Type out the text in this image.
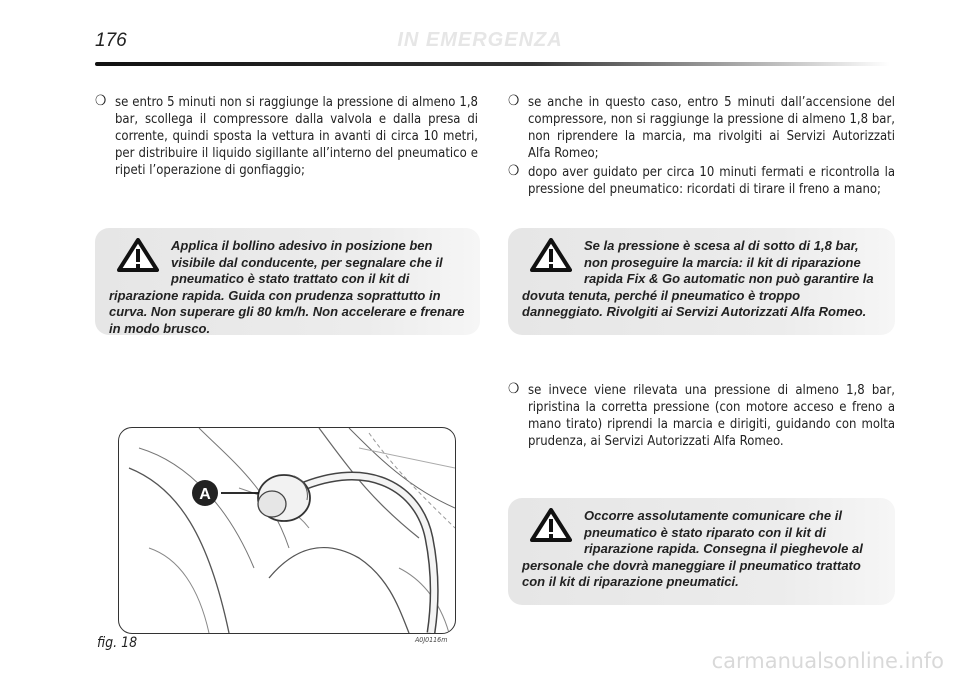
176	IN EMERGENZA
❍ se entro 5 minuti non si raggiunge la pressione di almeno 1,8 bar, scollega il compressore dalla valvola e dalla presa di corrente, quindi sposta la vettura in avanti di circa 10 metri, per distribuire il liquido sigillante all’interno del pneumatico e ripeti l’operazione di gonfiaggio;
Applica il bollino adesivo in posizione ben visibile dal conducente, per segnalare che il pneumatico è stato trattato con il kit di riparazione rapida. Guida con prudenza soprattutto in curva. Non superare gli 80 km/h. Non accelerare e frenare in modo brusco.
A
fig. 18	A0J0116m
❍ se anche in questo caso, entro 5 minuti dall’accensione del compressore, non si raggiunge la pressione di almeno 1,8 bar, non riprendere la marcia, ma rivolgiti ai Servizi Autorizzati Alfa Romeo;
❍ dopo aver guidato per circa 10 minuti fermati e ricontrolla la pressione del pneumatico: ricordati di tirare il freno a mano;
Se la pressione è scesa al di sotto di 1,8 bar, non proseguire la marcia: il kit di riparazione rapida Fix & Go automatic non può garantire la dovuta tenuta, perché il pneumatico è troppo danneggiato. Rivolgiti ai Servizi Autorizzati Alfa Romeo.
❍ se invece viene rilevata una pressione di almeno 1,8 bar, ripristina la corretta pressione (con motore acceso e freno a mano tirato) riprendi la marcia e dirigiti, guidando con molta prudenza, ai Servizi Autorizzati Alfa Romeo.
Occorre assolutamente comunicare che il pneumatico è stato riparato con il kit di riparazione rapida. Consegna il pieghevole al personale che dovrà maneggiare il pneumatico trattato con il kit di riparazione pneumatici.
carmanualsonline.info
